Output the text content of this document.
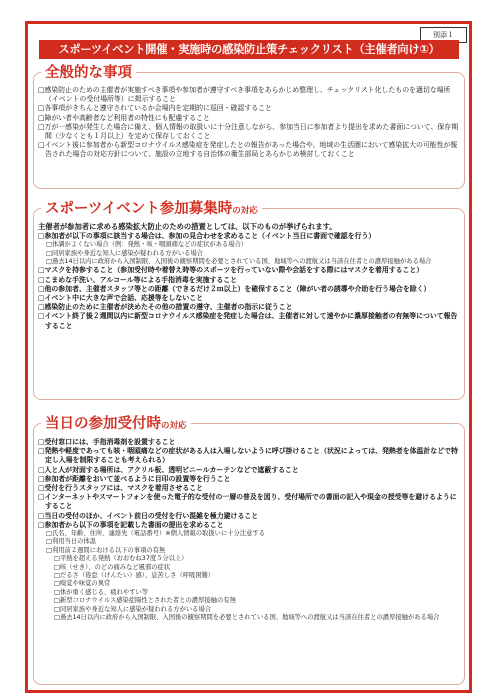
別添１
スポーツイベント開催・実施時の感染防止策チェックリスト（主催者向け①）
全般的な事項

□感染防止のための主催者が実施すべき事項や参加者が遵守すべき事項をあらかじめ整理し、チェックリスト化したものを適切な場所（イベントの受付場所等）に掲示すること

□各事項がきちんと遵守されているか会場内を定期的に巡回・確認すること

□障がい者や高齢者など利用者の特性にも配慮すること

□万が一感染が発生した場合に備え、個人情報の取扱いに十分注意しながら、参加当日に参加者より提出を求めた書面について、保存期間（少なくとも１月以上）を定めて保存しておくこと

□イベント後に参加者から新型コロナウイルス感染症を発症したとの報告があった場合や、地域の生活圏において感染拡大の可能性が報告された場合の対応方針について、施設の立地する自治体の衛生部局とあらかじめ検討しておくこと

スポーツイベント参加募集時の対応

主催者が参加者に求める感染拡大防止のための措置としては、以下のものが挙げられます。

□参加者が以下の事項に該当する場合は、参加の見合わせを求めること（イベント当日に書面で確認を行う）

□体調がよくない場合（例：発熱・咳・咽頭痛などの症状がある場合）

□同居家族や身近な知人に感染が疑われる方がいる場合

□過去14日以内に政府から入国制限、入国後の観察期間を必要とされている国、地域等への渡航又は当該在住者との濃厚接触がある場合

□マスクを持参すること（参加受付時や着替え時等のスポーツを行っていない際や会話をする際にはマスクを着用すること）

□こまめな手洗い、アルコール等による手指消毒を実施すること

□他の参加者、主催者スタッフ等との距離（できるだけ２ｍ以上）を確保すること（障がい者の誘導や介助を行う場合を除く）

□イベント中に大きな声で会話、応援等をしないこと

□感染防止のために主催者が決めたその他の措置の遵守、主催者の指示に従うこと

□イベント終了後２週間以内に新型コロナウイルス感染症を発症した場合は、主催者に対して速やかに濃厚接触者の有無等について報告すること

当日の参加受付時の対応

□受付窓口には、手指消毒剤を設置すること

□発熱や軽度であっても咳・咽頭痛などの症状がある人は入場しないように呼び掛けること（状況によっては、発熱者を体温計などで特定し入場を制限することも考えられる）

□人と人が対面する場所は、アクリル板、透明ビニールカーテンなどで遮蔽すること

□参加者が距離をおいて並べるように目印の設置等を行うこと

□受付を行うスタッフには、マスクを着用させること

□インターネットやスマートフォンを使った電子的な受付の一層の普及を図り、受付場所での書面の記入や現金の授受等を避けるようにすること

□当日の受付のほか、イベント前日の受付を行い混雑を極力避けること

□参加者から以下の事項を記載した書面の提出を求めること

□氏名、年齢、住所、連絡先（電話番号）※個人情報の取扱いに十分注意する

□利用当日の体温

□利用前２週間における以下の事項の有無

□平熱を超える発熱（おおむね37度５分以上）

□咳（せき）、のどの痛みなど風邪の症状

□だるさ（倦怠（けんたい）感）、息苦しさ（呼吸困難）

□嗅覚や味覚の異常

□体が重く感じる、疲れやすい等

□新型コロナウイルス感染症陽性とされた者との濃厚接触の有無

□同居家族や身近な知人に感染が疑われる方がいる場合

□過去14日以内に政府から入国制限、入国後の観察期間を必要とされている国、地域等への渡航又は当該在住者との濃厚接触がある場合
